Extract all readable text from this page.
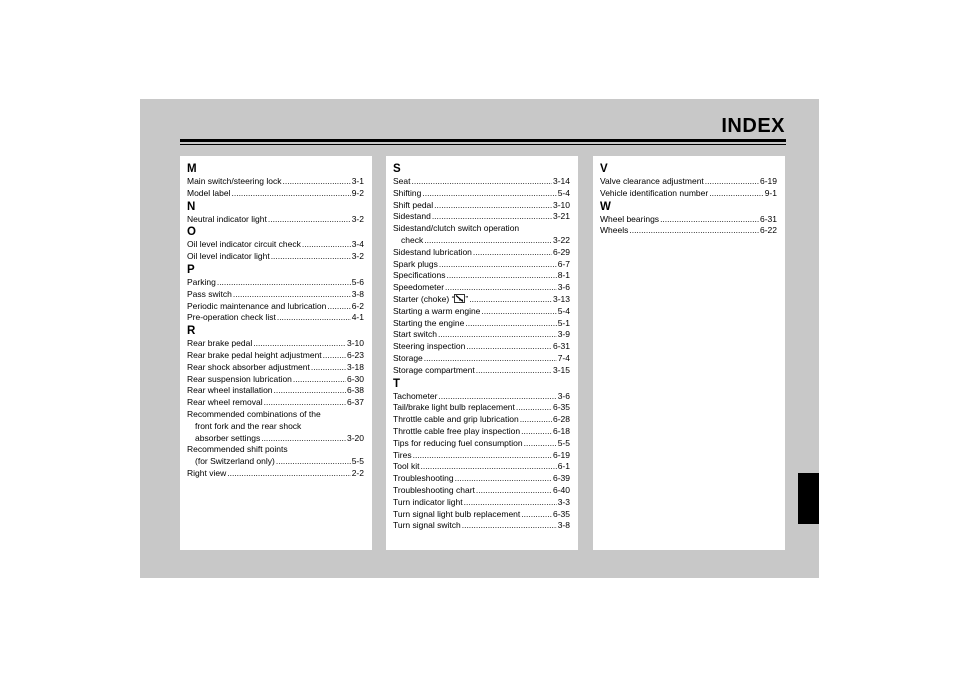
INDEX
M
Main switch/steering lock .....	3-1
Model label .....	9-2
N
Neutral indicator light .....	3-2
O
Oil level indicator circuit check .....	3-4
Oil level indicator light .....	3-2
P
Parking .....	5-6
Pass switch .....	3-8
Periodic maintenance and lubrication .....	6-2
Pre-operation check list .....	4-1
R
Rear brake pedal .....	3-10
Rear brake pedal height adjustment .....	6-23
Rear shock absorber adjustment .....	3-18
Rear suspension lubrication .....	6-30
Rear wheel installation .....	6-38
Rear wheel removal .....	6-37
Recommended combinations of the
front fork and the rear shock
absorber settings .....	3-20
Recommended shift points
(for Switzerland only) .....	5-5
Right view .....	2-2
S
Seat .....	3-14
Shifting .....	5-4
Shift pedal .....	3-10
Sidestand .....	3-21
Sidestand/clutch switch operation
check .....	3-22
Sidestand lubrication .....	6-29
Spark plugs .....	6-7
Specifications .....	8-1
Speedometer .....	3-6
Starter (choke) “ ” .....	3-13
Starting a warm engine .....	5-4
Starting the engine .....	5-1
Start switch .....	3-9
Steering inspection .....	6-31
Storage .....	7-4
Storage compartment .....	3-15
T
Tachometer .....	3-6
Tail/brake light bulb replacement .....	6-35
Throttle cable and grip lubrication .....	6-28
Throttle cable free play inspection .....	6-18
Tips for reducing fuel consumption .....	5-5
Tires .....	6-19
Tool kit .....	6-1
Troubleshooting .....	6-39
Troubleshooting chart .....	6-40
Turn indicator light .....	3-3
Turn signal light bulb replacement .....	6-35
Turn signal switch .....	3-8
V
Valve clearance adjustment .....	6-19
Vehicle identification number .....	9-1
W
Wheel bearings .....	6-31
Wheels .....	6-22
